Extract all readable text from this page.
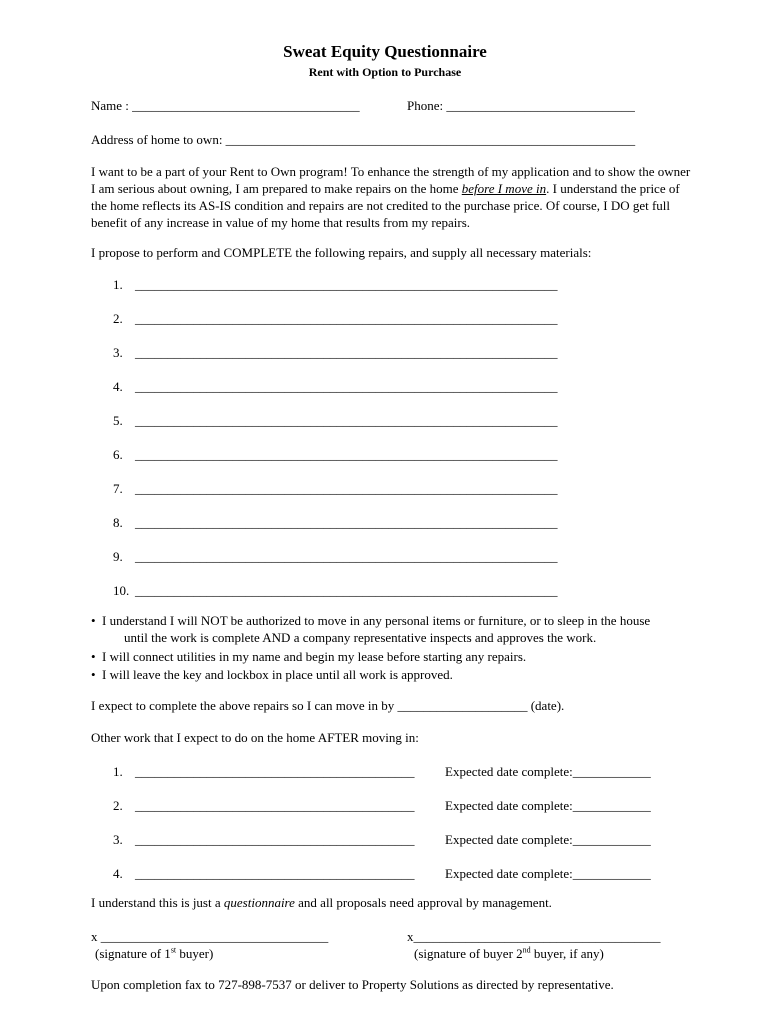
Sweat Equity Questionnaire
Rent with Option to Purchase
Name : ___________________________________	Phone: _____________________________
Address of home to own: _______________________________________________________________
I want to be a part of your Rent to Own program! To enhance the strength of my application and to show the owner I am serious about owning, I am prepared to make repairs on the home before I move in. I understand the price of the home reflects its AS-IS condition and repairs are not credited to the purchase price. Of course, I DO get full benefit of any increase in value of my home that results from my repairs.
I propose to perform and COMPLETE the following repairs, and supply all necessary materials:
1. _________________________________________________________________
2. _________________________________________________________________
3. _________________________________________________________________
4. _________________________________________________________________
5. _________________________________________________________________
6. _________________________________________________________________
7. _________________________________________________________________
8. _________________________________________________________________
9. _________________________________________________________________
10. _________________________________________________________________
• I understand I will NOT be authorized to move in any personal items or furniture, or to sleep in the house
until the work is complete AND a company representative inspects and approves the work.
• I will connect utilities in my name and begin my lease before starting any repairs.
• I will leave the key and lockbox in place until all work is approved.
I expect to complete the above repairs so I can move in by ____________________ (date).
Other work that I expect to do on the home AFTER moving in:
1. ___________________________________________ Expected date complete:____________
2. ___________________________________________ Expected date complete:____________
3. ___________________________________________ Expected date complete:____________
4. ___________________________________________ Expected date complete:____________
I understand this is just a questionnaire and all proposals need approval by management.
x ___________________________________	x______________________________________
(signature of 1st buyer)	(signature of buyer 2nd buyer, if any)
Upon completion fax to 727-898-7537 or deliver to Property Solutions as directed by representative.
